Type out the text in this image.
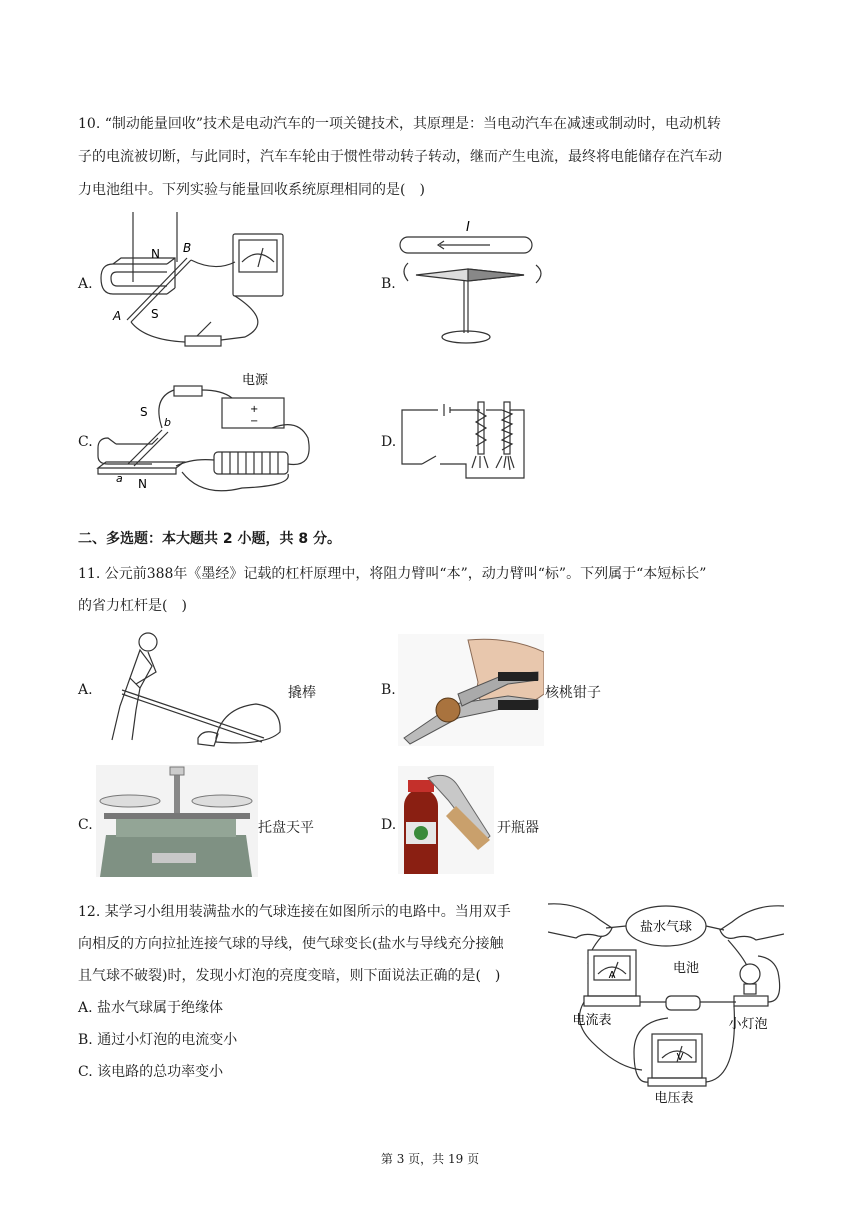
10. “制动能量回收”技术是电动汽车的一项关键技术，其原理是：当电动汽车在减速或制动时，电动机转
子的电流被切断，与此同时，汽车车轮由于惯性带动转子转动，继而产生电流，最终将电能储存在汽车动
力电池组中。下列实验与能量回收系统原理相同的是(　)
A.	B.
C.	D.
N
S
A
B
I
电源
+
−
S
N
a
b
二、多选题：本大题共 2 小题，共 8 分。
11. 公元前388年《墨经》记载的杠杆原理中，将阻力臂叫“本”，动力臂叫“标”。下列属于“本短标长”
的省力杠杆是(　)
A.	撬棒	B.	核桃钳子
C.	托盘天平	D.	开瓶器
12. 某学习小组用装满盐水的气球连接在如图所示的电路中。当用双手
向相反的方向拉扯连接气球的导线，使气球变长(盐水与导线充分接触
且气球不破裂)时，发现小灯泡的亮度变暗，则下面说法正确的是(　)
A. 盐水气球属于绝缘体
B. 通过小灯泡的电流变小
C. 该电路的总功率变小
盐水气球
电池
电流表	小灯泡
电压表
A
V
第 3 页，共 19 页
